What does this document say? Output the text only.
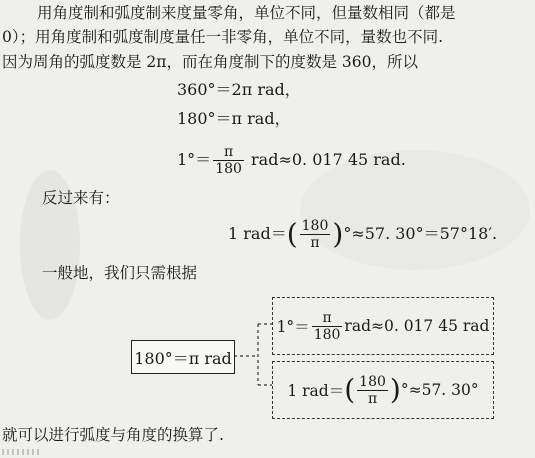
用角度制和弧度制来度量零角，单位不同，但量数相同（都是
0）；用角度制和弧度制度量任一非零角，单位不同，量数也不同.
因为周角的弧度数是 2π，而在角度制下的度数是 360，所以
360°＝2π rad，
180°＝π rad，
$1^\circ= \frac{\pi}{180} rad\approx 0$. 017 45 rad.
反过来有：
1 $rad=( \frac{180}{\pi} )^\circ\approx 57$. 30°＝57°18′.
一般地，我们只需根据
180°＝π rad
$1^\circ= \frac{\pi}{180} rad\approx 0$. 017 45 rad
1 rad＝ ( $\frac{180}{\pi}$ ) °≈57. 30°
就可以进行弧度与角度的换算了.
